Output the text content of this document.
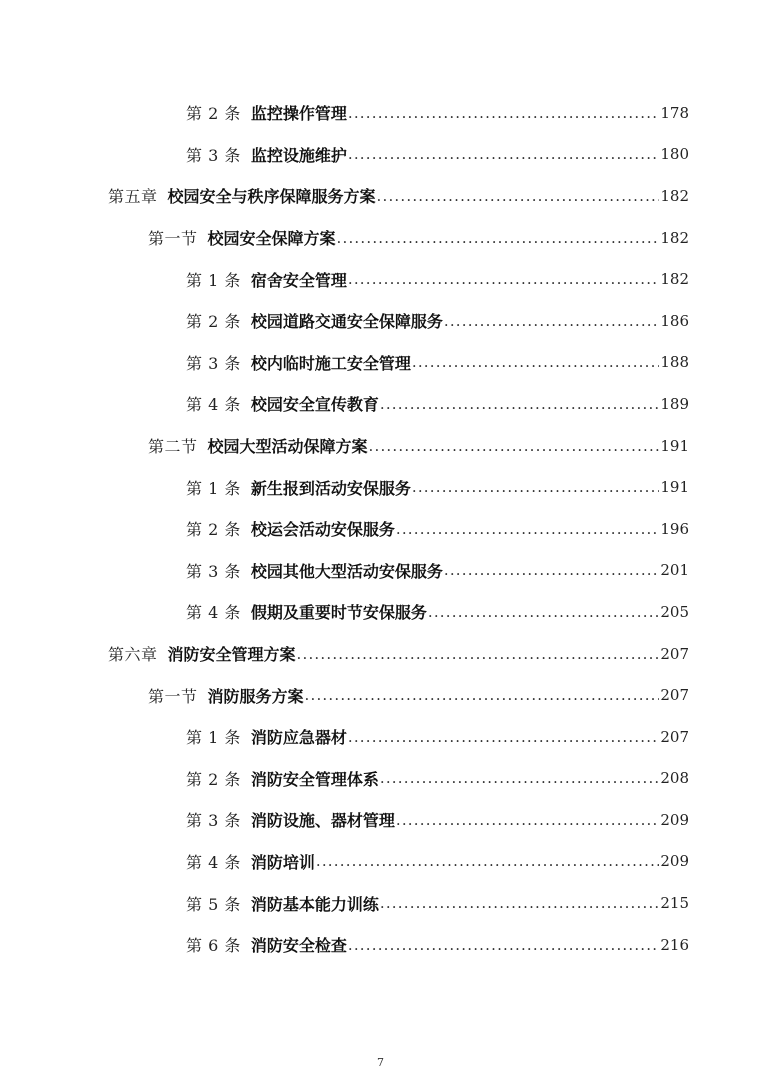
第 2 条 监控操作管理 .....	178
第 3 条 监控设施维护 .....	180
第五章 校园安全与秩序保障服务方案 .....	182
第一节 校园安全保障方案 .....	182
第 1 条 宿舍安全管理 .....	182
第 2 条 校园道路交通安全保障服务 .....	186
第 3 条 校内临时施工安全管理 .....	188
第 4 条 校园安全宣传教育 .....	189
第二节 校园大型活动保障方案 .....	191
第 1 条 新生报到活动安保服务 .....	191
第 2 条 校运会活动安保服务 .....	196
第 3 条 校园其他大型活动安保服务 .....	201
第 4 条 假期及重要时节安保服务 .....	205
第六章 消防安全管理方案 .....	207
第一节 消防服务方案 .....	207
第 1 条 消防应急器材 .....	207
第 2 条 消防安全管理体系 .....	208
第 3 条 消防设施、器材管理 .....	209
第 4 条 消防培训 .....	209
第 5 条 消防基本能力训练 .....	215
第 6 条 消防安全检查 .....	216
7
